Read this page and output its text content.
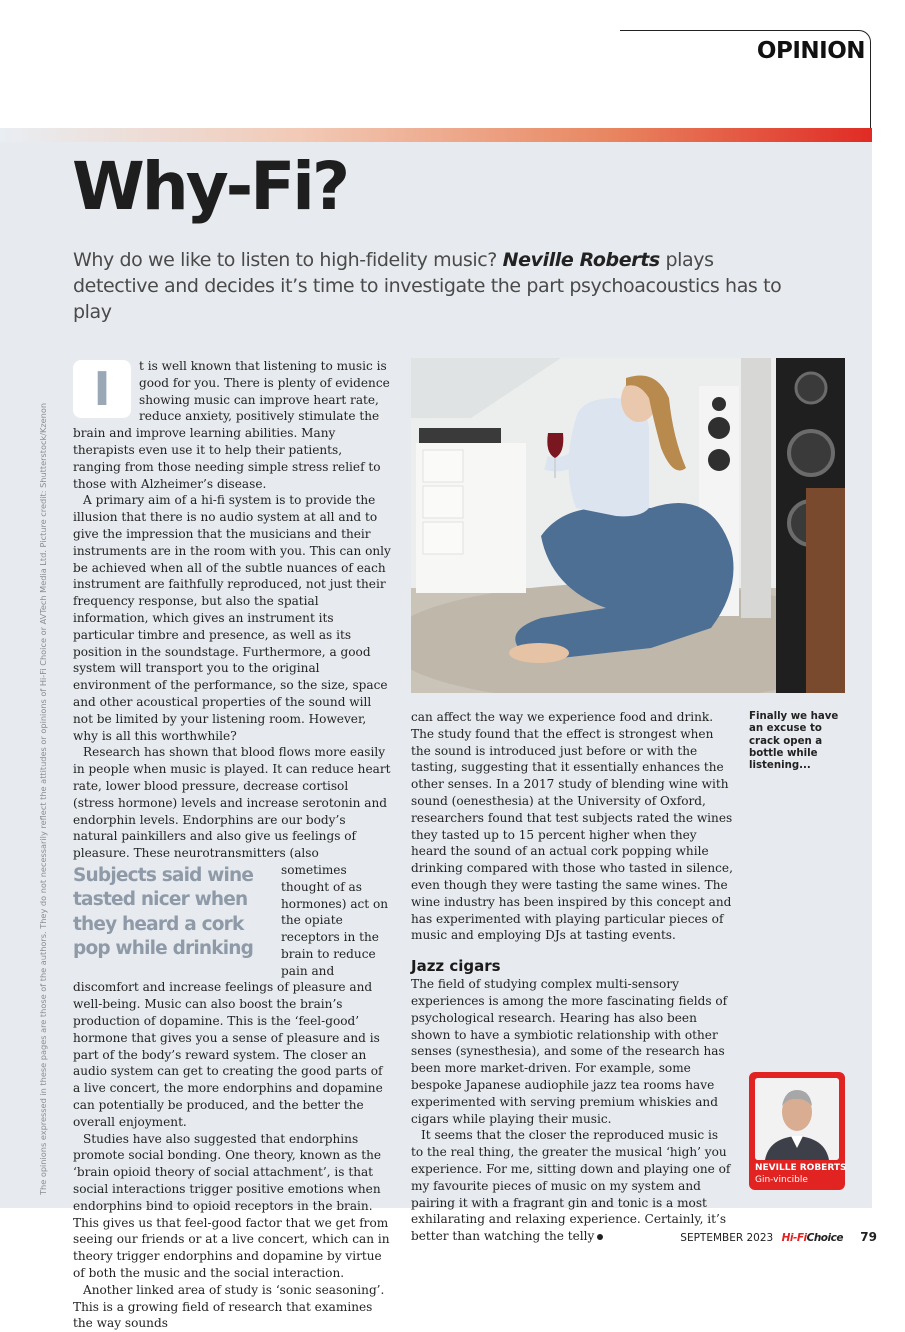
OPINION
Why-Fi?

Why do we like to listen to high-fidelity music? Neville Roberts plays detective and decides it’s time to investigate the part psychoacoustics has to play

The opinions expressed in these pages are those of the authors. They do not necessarily reflect the attitudes or opinions of Hi-Fi Choice or AVTech Media Ltd. Picture credit: Shutterstock/Kzenon
I	t is well known that listening to music is good for you. There is plenty of evidence showing music can improve heart rate, reduce anxiety, positively stimulate the brain and improve learning abilities. Many therapists even use it to help their patients, ranging from those needing simple stress relief to those with Alzheimer’s disease.

A primary aim of a hi-fi system is to provide the illusion that there is no audio system at all and to give the impression that the musicians and their instruments are in the room with you. This can only be achieved when all of the subtle nuances of each instrument are faithfully reproduced, not just their frequency response, but also the spatial information, which gives an instrument its particular timbre and presence, as well as its position in the soundstage. Furthermore, a good system will transport you to the original environment of the performance, so the size, space and other acoustical properties of the sound will not be limited by your listening room. However, why is all this worthwhile?

Research has shown that blood flows more easily in people when music is played. It can reduce heart rate, lower blood pressure, decrease cortisol (stress hormone) levels and increase serotonin and endorphin levels. Endorphins are our body’s natural painkillers and also give us feelings of pleasure. These neurotransmitters (also

Subjects said wine tasted nicer when they heard a cork pop while drinking

sometimes thought of as hormones) act on the opiate receptors in the brain to reduce pain and discomfort and increase feelings of pleasure and well-being. Music can also boost the brain’s production of dopamine. This is the ‘feel-good’ hormone that gives you a sense of pleasure and is part of the body’s reward system. The closer an audio system can get to creating the good parts of a live concert, the more endorphins and dopamine can potentially be produced, and the better the overall enjoyment.

Studies have also suggested that endorphins promote social bonding. One theory, known as the ‘brain opioid theory of social attachment’, is that social interactions trigger positive emotions when endorphins bind to opioid receptors in the brain. This gives us that feel-good factor that we get from seeing our friends or at a live concert, which can in theory trigger endorphins and dopamine by virtue of both the music and the social interaction.

Another linked area of study is ‘sonic seasoning’. This is a growing field of research that examines the way sounds

Finally we have an excuse to crack open a bottle while listening...

can affect the way we experience food and drink. The study found that the effect is strongest when the sound is introduced just before or with the tasting, suggesting that it essentially enhances the other senses. In a 2017 study of blending wine with sound (oenesthesia) at the University of Oxford, researchers found that test subjects rated the wines they tasted up to 15 percent higher when they heard the sound of an actual cork popping while drinking compared with those who tasted in silence, even though they were tasting the same wines. The wine industry has been inspired by this concept and has experimented with playing particular pieces of music and employing DJs at tasting events.

Jazz cigars

The field of studying complex multi-sensory experiences is among the more fascinating fields of psychological research. Hearing has also been shown to have a symbiotic relationship with other senses (synesthesia), and some of the research has been more market-driven. For example, some bespoke Japanese audiophile jazz tea rooms have experimented with serving premium whiskies and cigars while playing their music.

It seems that the closer the reproduced music is to the real thing, the greater the musical ‘high’ you experience. For me, sitting down and playing one of my favourite pieces of music on my system and pairing it with a fragrant gin and tonic is a most exhilarating and relaxing experience. Certainly, it’s better than watching the telly

NEVILLE ROBERTS
Gin-vincible
SEPTEMBER 2023 Hi-FiChoice 79
